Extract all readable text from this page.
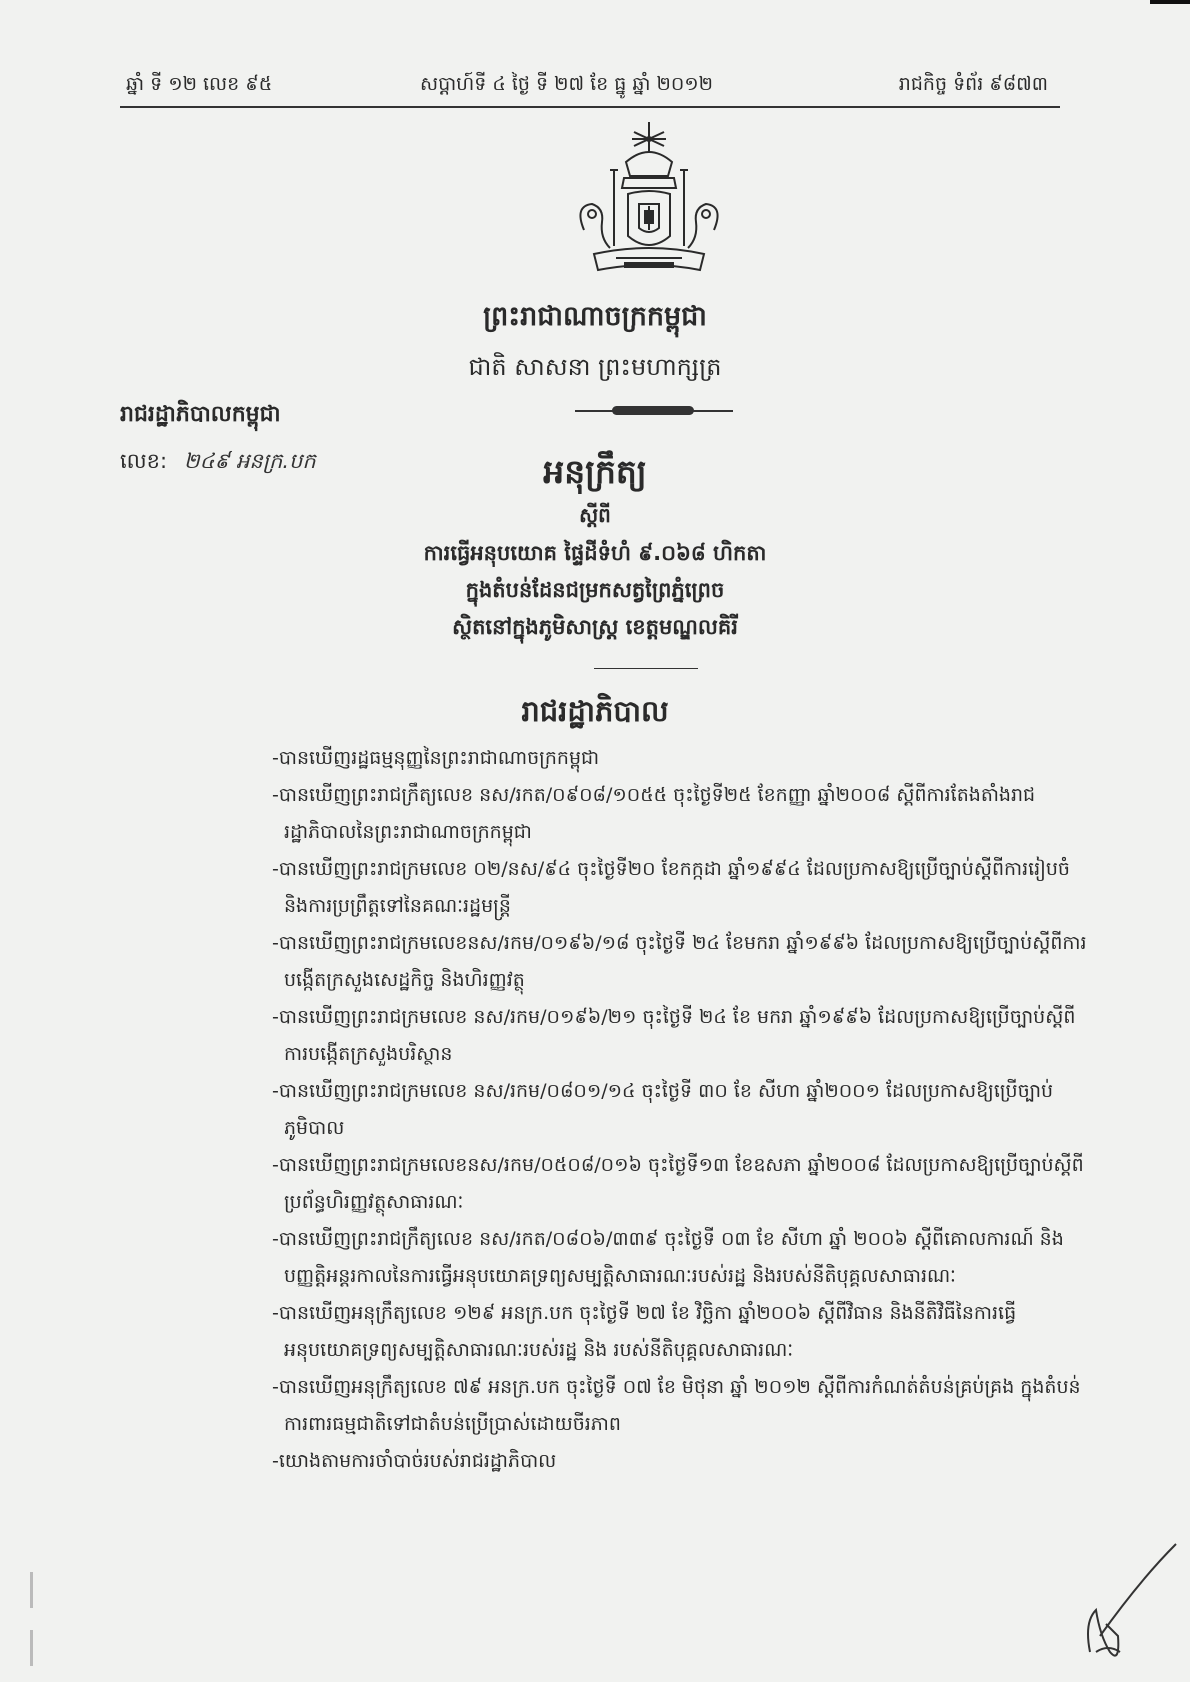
ឆ្នាំ ទី ១២ លេខ ៩៥	សប្តាហ៍ទី ៤ ថ្ងៃ ទី ២៧ ខែ ធ្នូ ឆ្នាំ ២០១២	រាជកិច្ច ទំព័រ ៩៨៧៣
ព្រះរាជាណាចក្រកម្ពុជា
ជាតិ សាសនា ព្រះមហាក្សត្រ
រាជរដ្ឋាភិបាលកម្ពុជា
លេខ: ២៤៩ អនក្រ.បក	អនុក្រឹត្យ
ស្តីពី
ការធ្វើអនុបយោគ ផ្ទៃដីទំហំ ៩.០៦៨ ហិកតា
ក្នុងតំបន់ដែនជម្រកសត្វព្រៃភ្នំព្រេច
ស្ថិតនៅក្នុងភូមិសាស្ត្រ ខេត្តមណ្ឌលគិរី
រាជរដ្ឋាភិបាល
-បានឃើញរដ្ឋធម្មនុញ្ញនៃព្រះរាជាណាចក្រកម្ពុជា
-បានឃើញព្រះរាជក្រឹត្យលេខ នស/រកត/០៩០៨/១០៥៥ ចុះថ្ងៃទី២៥ ខែកញ្ញា ឆ្នាំ២០០៨ ស្តីពីការតែងតាំងរាជរដ្ឋាភិបាលនៃព្រះរាជាណាចក្រកម្ពុជា
-បានឃើញព្រះរាជក្រមលេខ ០២/នស/៩៤ ចុះថ្ងៃទី២០ ខែកក្កដា ឆ្នាំ១៩៩៤ ដែលប្រកាសឱ្យប្រើច្បាប់ស្តីពីការរៀបចំ និងការប្រព្រឹត្តទៅនៃគណៈរដ្ឋមន្ត្រី
-បានឃើញព្រះរាជក្រមលេខនស/រកម/០១៩៦/១៨ ចុះថ្ងៃទី ២៤ ខែមករា ឆ្នាំ១៩៩៦ ដែលប្រកាសឱ្យប្រើច្បាប់ស្តីពីការបង្កើតក្រសួងសេដ្ឋកិច្ច និងហិរញ្ញវត្ថុ
-បានឃើញព្រះរាជក្រមលេខ នស/រកម/០១៩៦/២១ ចុះថ្ងៃទី ២៤ ខែ មករា ឆ្នាំ១៩៩៦ ដែលប្រកាសឱ្យប្រើច្បាប់ស្តីពីការបង្កើតក្រសួងបរិស្ថាន
-បានឃើញព្រះរាជក្រមលេខ នស/រកម/០៨០១/១៤ ចុះថ្ងៃទី ៣០ ខែ សីហា ឆ្នាំ២០០១ ដែលប្រកាសឱ្យប្រើច្បាប់ភូមិបាល
-បានឃើញព្រះរាជក្រមលេខនស/រកម/០៥០៨/០១៦ ចុះថ្ងៃទី១៣ ខែឧសភា ឆ្នាំ២០០៨ ដែលប្រកាសឱ្យប្រើច្បាប់ស្តីពីប្រព័ន្ធហិរញ្ញវត្ថុសាធារណៈ
-បានឃើញព្រះរាជក្រឹត្យលេខ នស/រកត/០៨០៦/៣៣៩ ចុះថ្ងៃទី ០៣ ខែ សីហា ឆ្នាំ ២០០៦ ស្តីពីគោលការណ៍ និងបញ្ញត្តិអន្តរកាលនៃការធ្វើអនុបយោគទ្រព្យសម្បត្តិសាធារណៈរបស់រដ្ឋ និងរបស់នីតិបុគ្គលសាធារណៈ
-បានឃើញអនុក្រឹត្យលេខ ១២៩ អនក្រ.បក ចុះថ្ងៃទី ២៧ ខែ វិច្ឆិកា ឆ្នាំ២០០៦ ស្តីពីវិធាន និងនីតិវិធីនៃការធ្វើអនុបយោគទ្រព្យសម្បត្តិសាធារណៈរបស់រដ្ឋ និង របស់នីតិបុគ្គលសាធារណៈ
-បានឃើញអនុក្រឹត្យលេខ ៧៩ អនក្រ.បក ចុះថ្ងៃទី ០៧ ខែ មិថុនា ឆ្នាំ ២០១២ ស្តីពីការកំណត់តំបន់គ្រប់គ្រង ក្នុងតំបន់ការពារធម្មជាតិទៅជាតំបន់ប្រើប្រាស់ដោយចីរភាព
-យោងតាមការចាំបាច់របស់រាជរដ្ឋាភិបាល
